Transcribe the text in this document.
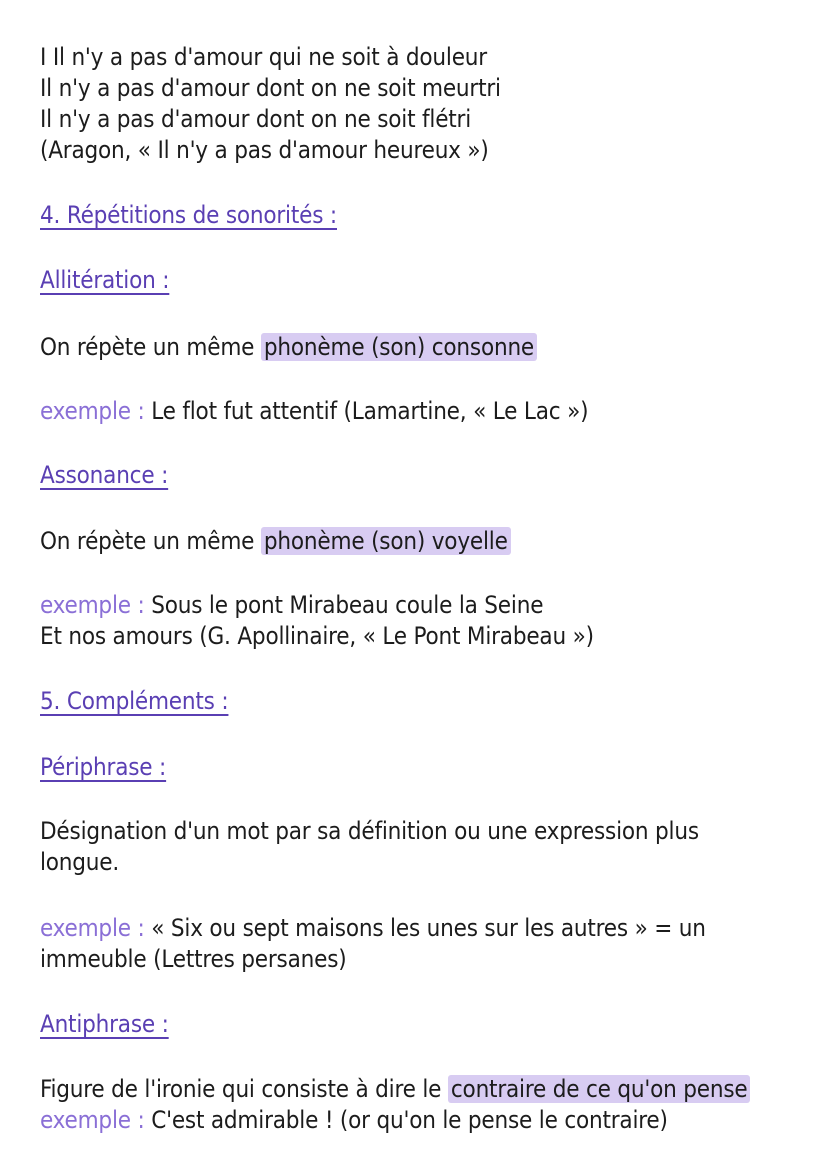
I Il n'y a pas d'amour qui ne soit à douleur
Il n'y a pas d'amour dont on ne soit meurtri
Il n'y a pas d'amour dont on ne soit flétri
(Aragon, « Il n'y a pas d'amour heureux »)
4. Répétitions de sonorités :
Allitération :
On répète un même phonème (son) consonne
exemple : Le flot fut attentif (Lamartine, « Le Lac »)
Assonance :
On répète un même phonème (son) voyelle
exemple : Sous le pont Mirabeau coule la Seine
Et nos amours (G. Apollinaire, « Le Pont Mirabeau »)
5. Compléments :
Périphrase :
Désignation d'un mot par sa définition ou une expression plus
longue.
exemple : « Six ou sept maisons les unes sur les autres » = un
immeuble (Lettres persanes)
Antiphrase :
Figure de l'ironie qui consiste à dire le contraire de ce qu'on pense
exemple : C'est admirable ! (or qu'on le pense le contraire)
